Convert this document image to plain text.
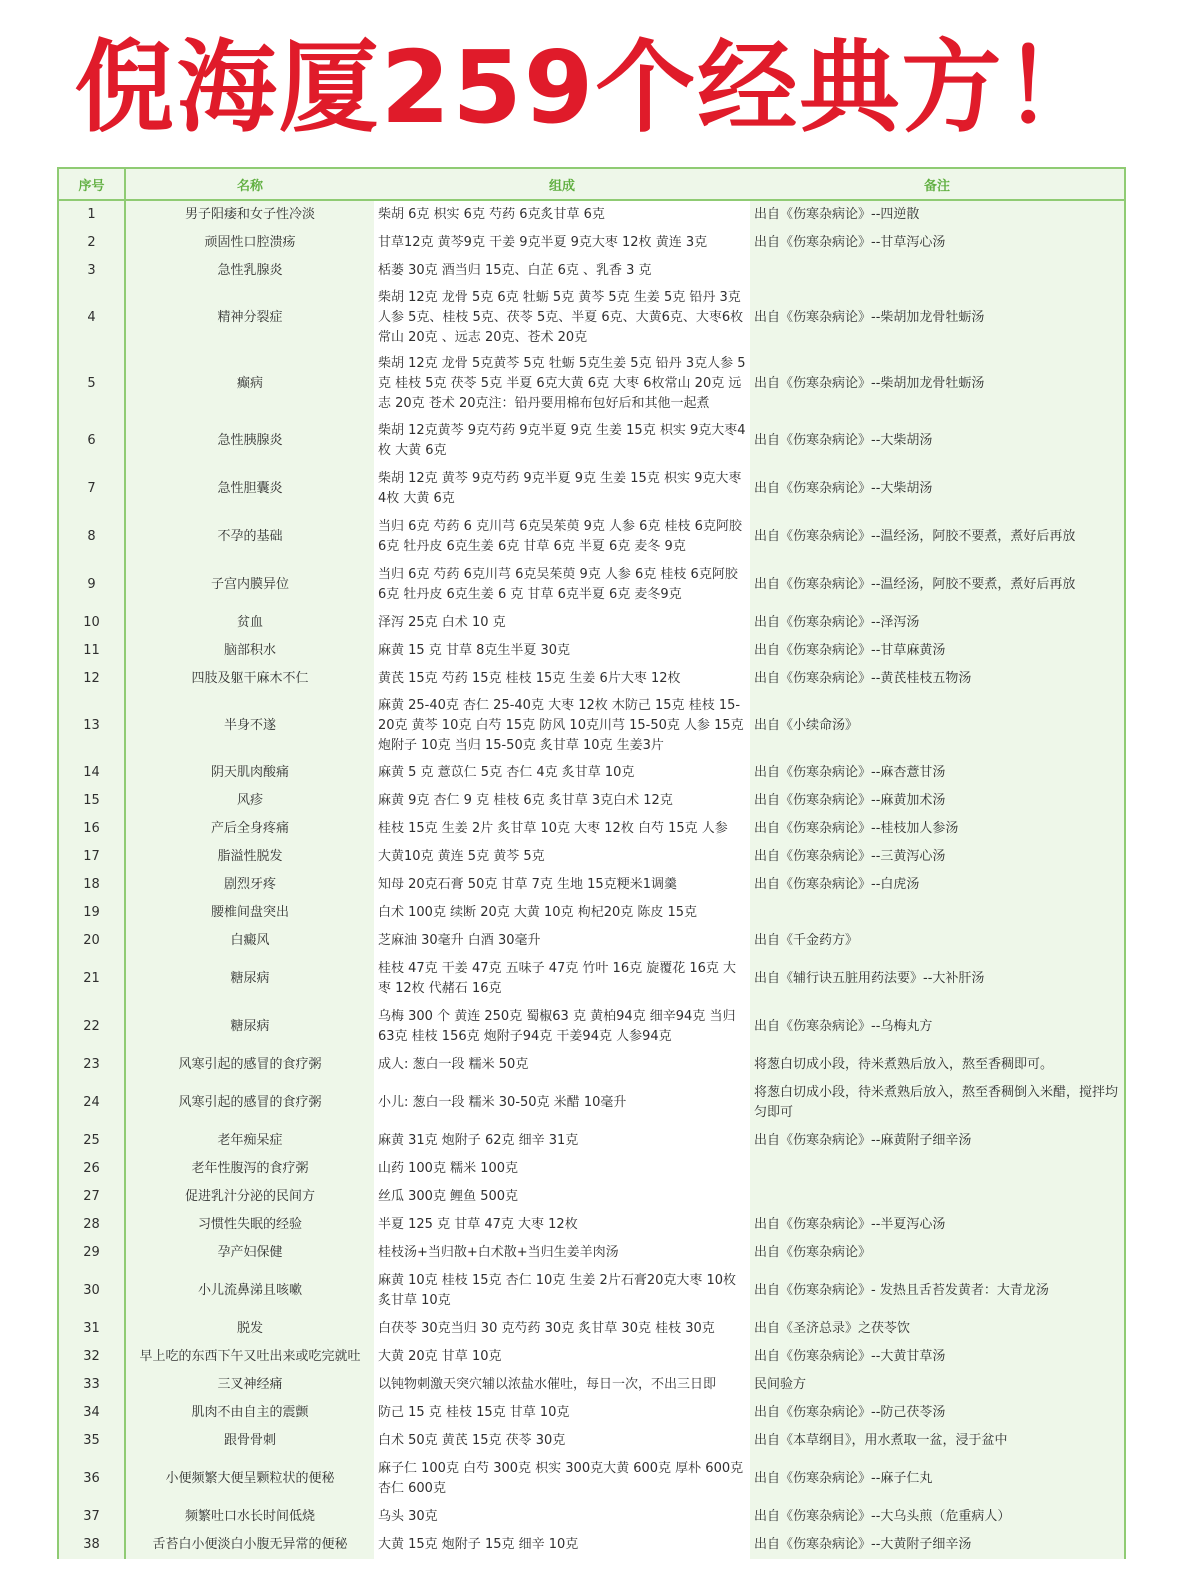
倪海厦259个经典方！
序号	名称	组成	备注

1	男子阳痿和女子性冷淡	柴胡 6克 枳实 6克 芍药 6克炙甘草 6克	出自《伤寒杂病论》--四逆散

2	顽固性口腔溃疡	甘草12克 黄芩9克 干姜 9克半夏 9克大枣 12枚 黄连 3克	出自《伤寒杂病论》--甘草泻心汤

3	急性乳腺炎	栝蒌 30克 酒当归 15克、白芷 6克 、乳香 3 克	

4	精神分裂症	柴胡 12克 龙骨 5克 6克 牡蛎 5克 黄芩 5克 生姜 5克 铅丹 3克人参 5克、桂枝 5克、茯苓 5克、半夏 6克、大黄6克、大枣6枚 常山 20克 、远志 20克、苍术 20克	出自《伤寒杂病论》--柴胡加龙骨牡蛎汤

5	癫病	柴胡 12克 龙骨 5克黄芩 5克 牡蛎 5克生姜 5克 铅丹 3克人参 5克 桂枝 5克 茯苓 5克 半夏 6克大黄 6克 大枣 6枚常山 20克 远志 20克 苍术 20克注：铅丹要用棉布包好后和其他一起煮	出自《伤寒杂病论》--柴胡加龙骨牡蛎汤

6	急性胰腺炎	柴胡 12克黄芩 9克芍药 9克半夏 9克 生姜 15克 枳实 9克大枣4枚 大黄 6克	出自《伤寒杂病论》--大柴胡汤

7	急性胆囊炎	柴胡 12克 黄芩 9克芍药 9克半夏 9克 生姜 15克 枳实 9克大枣 4枚 大黄 6克	出自《伤寒杂病论》--大柴胡汤

8	不孕的基础	当归 6克 芍药 6 克川芎 6克吴茱萸 9克 人参 6克 桂枝 6克阿胶 6克 牡丹皮 6克生姜 6克 甘草 6克 半夏 6克 麦冬 9克	出自《伤寒杂病论》--温经汤，阿胶不要煮，煮好后再放

9	子宫内膜异位	当归 6克 芍药 6克川芎 6克吴茱萸 9克 人参 6克 桂枝 6克阿胶 6克 牡丹皮 6克生姜 6 克 甘草 6克半夏 6克 麦冬9克	出自《伤寒杂病论》--温经汤，阿胶不要煮，煮好后再放

10	贫血	泽泻 25克 白术 10 克	出自《伤寒杂病论》--泽泻汤

11	脑部积水	麻黄 15 克 甘草 8克生半夏 30克	出自《伤寒杂病论》--甘草麻黄汤

12	四肢及躯干麻木不仁	黄芪 15克 芍药 15克 桂枝 15克 生姜 6片大枣 12枚	出自《伤寒杂病论》--黄芪桂枝五物汤

13	半身不遂	麻黄 25-40克 杏仁 25-40克 大枣 12枚 木防己 15克 桂枝 15-20克 黄芩 10克 白芍 15克 防风 10克川芎 15-50克 人参 15克 炮附子 10克 当归 15-50克 炙甘草 10克 生姜3片	出自《小续命汤》

14	阴天肌肉酸痛	麻黄 5 克 薏苡仁 5克 杏仁 4克 炙甘草 10克	出自《伤寒杂病论》--麻杏薏甘汤

15	风疹	麻黄 9克 杏仁 9 克 桂枝 6克 炙甘草 3克白术 12克	出自《伤寒杂病论》--麻黄加术汤

16	产后全身疼痛	桂枝 15克 生姜 2片 炙甘草 10克 大枣 12枚 白芍 15克 人参	出自《伤寒杂病论》--桂枝加人参汤

17	脂溢性脱发	大黄10克 黄连 5克 黄芩 5克	出自《伤寒杂病论》--三黄泻心汤

18	剧烈牙疼	知母 20克石膏 50克 甘草 7克 生地 15克粳米1调羹	出自《伤寒杂病论》--白虎汤

19	腰椎间盘突出	白术 100克 续断 20克 大黄 10克 枸杞20克 陈皮 15克	

20	白癜风	芝麻油 30毫升 白酒 30毫升	出自《千金药方》

21	糖尿病	桂枝 47克 干姜 47克 五味子 47克 竹叶 16克 旋覆花 16克 大枣 12枚 代赭石 16克	出自《辅行诀五脏用药法要》--大补肝汤

22	糖尿病	乌梅 300 个 黄连 250克 蜀椒63 克 黄柏94克 细辛94克 当归63克 桂枝 156克 炮附子94克 干姜94克 人参94克	出自《伤寒杂病论》--乌梅丸方

23	风寒引起的感冒的食疗粥	成人: 葱白一段 糯米 50克	将葱白切成小段，待米煮熟后放入，熬至香稠即可。

24	风寒引起的感冒的食疗粥	小儿: 葱白一段 糯米 30-50克 米醋 10毫升	将葱白切成小段，待米煮熟后放入，熬至香稠倒入米醋，搅拌均匀即可

25	老年痴呆症	麻黄 31克 炮附子 62克 细辛 31克	出自《伤寒杂病论》--麻黄附子细辛汤

26	老年性腹泻的食疗粥	山药 100克 糯米 100克	

27	促进乳汁分泌的民间方	丝瓜 300克 鲤鱼 500克	

28	习惯性失眠的经验	半夏 125 克 甘草 47克 大枣 12枚	出自《伤寒杂病论》--半夏泻心汤

29	孕产妇保健	桂枝汤+当归散+白术散+当归生姜羊肉汤	出自《伤寒杂病论》

30	小儿流鼻涕且咳嗽	麻黄 10克 桂枝 15克 杏仁 10克 生姜 2片石膏20克大枣 10枚 炙甘草 10克	出自《伤寒杂病论》- 发热且舌苔发黄者：大青龙汤

31	脱发	白茯苓 30克当归 30 克芍药 30克 炙甘草 30克 桂枝 30克	出自《圣济总录》之茯苓饮

32	早上吃的东西下午又吐出来或吃完就吐	大黄 20克 甘草 10克	出自《伤寒杂病论》--大黄甘草汤

33	三叉神经痛	以钝物刺激天突穴辅以浓盐水催吐，每日一次，不出三日即	民间验方

34	肌肉不由自主的震颤	防己 15 克 桂枝 15克 甘草 10克	出自《伤寒杂病论》--防己茯苓汤

35	跟骨骨刺	白术 50克 黄芪 15克 茯苓 30克	出自《本草纲目》，用水煮取一盆，浸于盆中

36	小便频繁大便呈颗粒状的便秘	麻子仁 100克 白芍 300克 枳实 300克大黄 600克 厚朴 600克 杏仁 600克	出自《伤寒杂病论》--麻子仁丸

37	频繁吐口水长时间低烧	乌头 30克	出自《伤寒杂病论》--大乌头煎（危重病人）

38	舌苔白小便淡白小腹无异常的便秘	大黄 15克 炮附子 15克 细辛 10克	出自《伤寒杂病论》--大黄附子细辛汤
